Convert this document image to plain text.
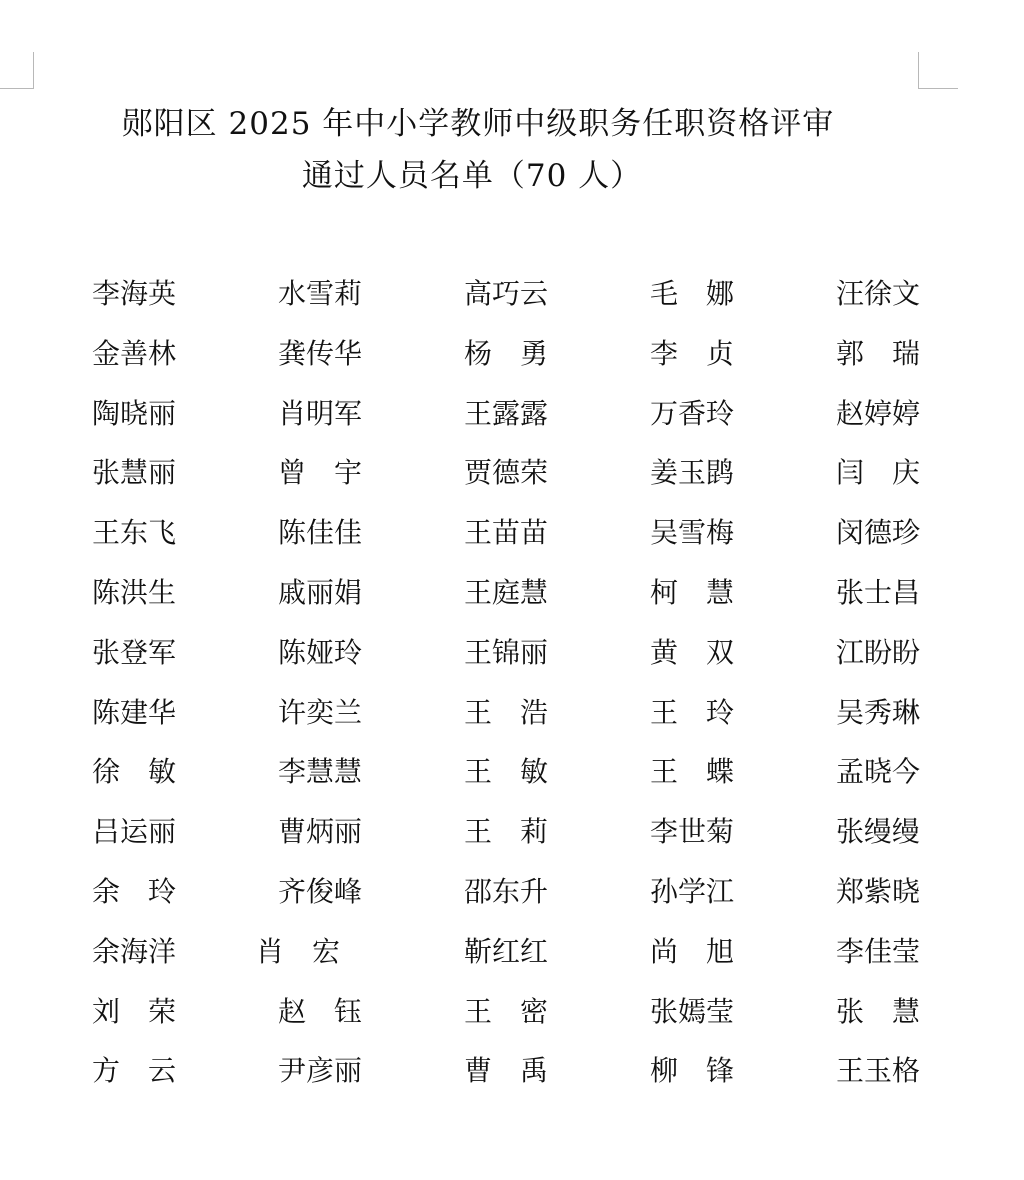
郧阳区 2025 年中小学教师中级职务任职资格评审
通过人员名单（70 人）
李海英	水雪莉	高巧云	毛　娜	汪徐文
金善林	龚传华	杨　勇	李　贞	郭　瑞
陶晓丽	肖明军	王露露	万香玲	赵婷婷
张慧丽	曾　宇	贾德荣	姜玉鹍	闫　庆
王东飞	陈佳佳	王苗苗	吴雪梅	闵德珍
陈洪生	戚丽娟	王庭慧	柯　慧	张士昌
张登军	陈娅玲	王锦丽	黄　双	江盼盼
陈建华	许奕兰	王　浩	王　玲	吴秀琳
徐　敏	李慧慧	王　敏	王　蝶	孟晓今
吕运丽	曹炳丽	王　莉	李世菊	张缦缦
余　玲	齐俊峰	邵东升	孙学江	郑紫晓
余海洋	肖　宏	靳红红	尚　旭	李佳莹
刘　荣	赵　钰	王　密	张嫣莹	张　慧
方　云	尹彦丽	曹　禹	柳　锋	王玉格
